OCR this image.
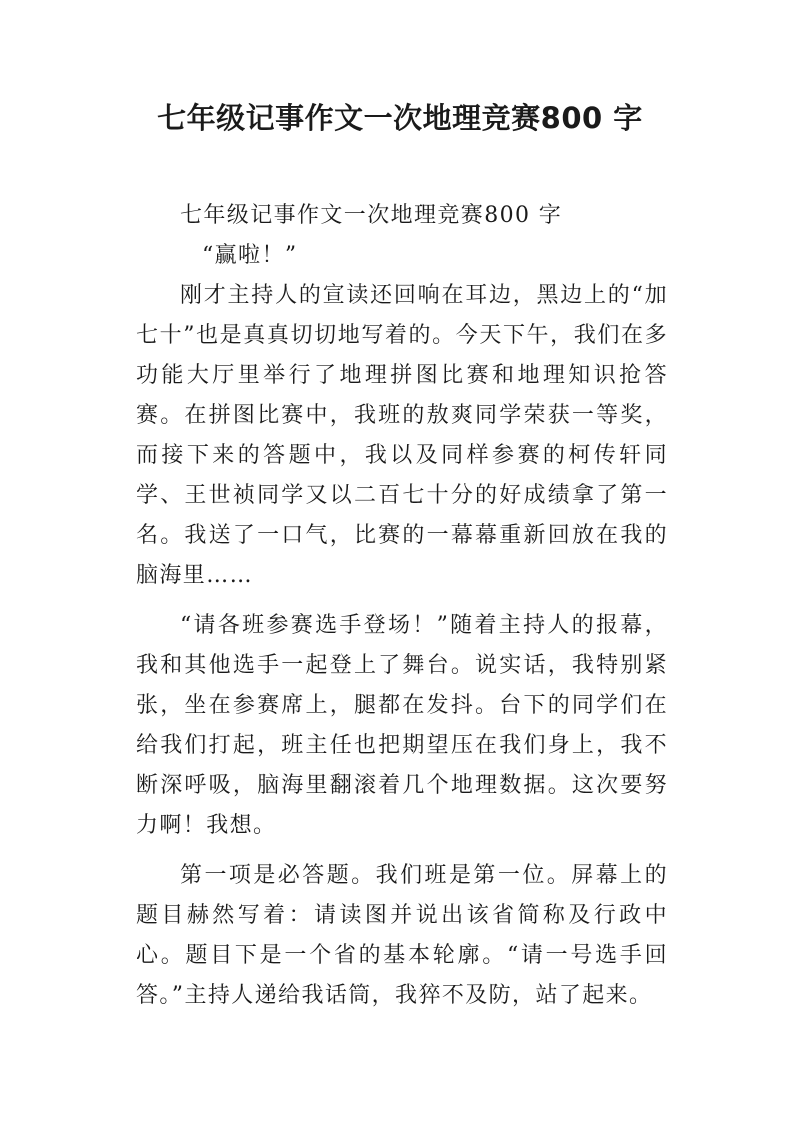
七年级记事作文一次地理竞赛800 字

七年级记事作文一次地理竞赛800 字

“赢啦！”

刚才主持人的宣读还回响在耳边，黑边上的“加七十”也是真真切切地写着的。今天下午，我们在多功能大厅里举行了地理拼图比赛和地理知识抢答赛。在拼图比赛中，我班的敖爽同学荣获一等奖，而接下来的答题中，我以及同样参赛的柯传轩同学、王世祯同学又以二百七十分的好成绩拿了第一名。我送了一口气，比赛的一幕幕重新回放在我的脑海里……

“请各班参赛选手登场！”随着主持人的报幕，我和其他选手一起登上了舞台。说实话，我特别紧张，坐在参赛席上，腿都在发抖。台下的同学们在给我们打起，班主任也把期望压在我们身上，我不断深呼吸，脑海里翻滚着几个地理数据。这次要努力啊！我想。

第一项是必答题。我们班是第一位。屏幕上的题目赫然写着：请读图并说出该省简称及行政中心。题目下是一个省的基本轮廓。“请一号选手回答。”主持人递给我话筒，我猝不及防，站了起来。
